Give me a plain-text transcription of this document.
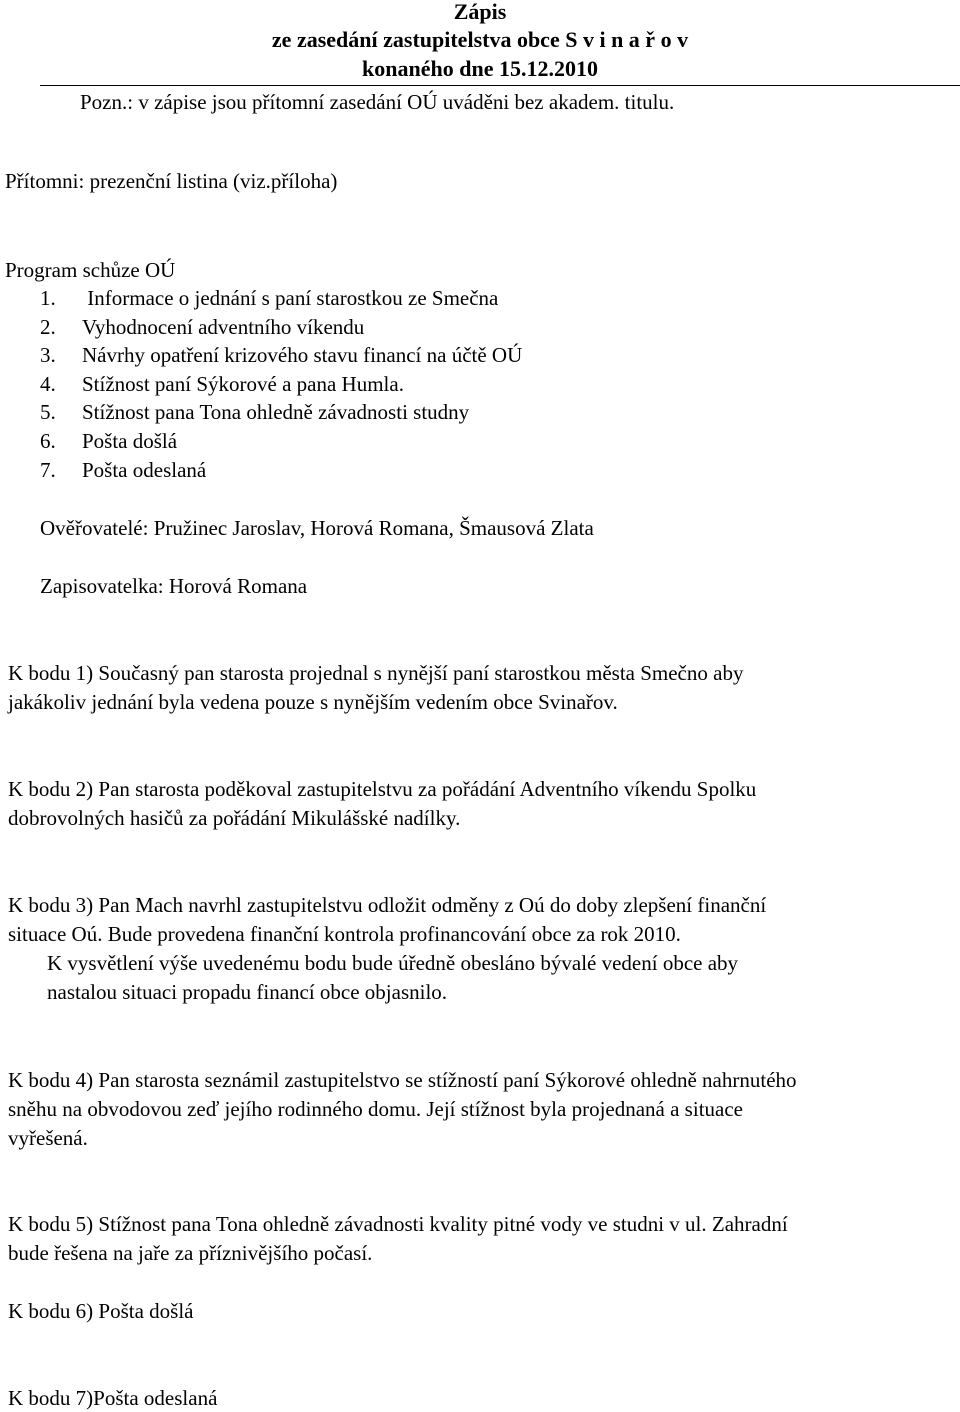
Zápis
ze zasedání zastupitelstva obce S v i n a ř o v
konaného dne 15.12.2010
Pozn.: v zápise jsou přítomní zasedání OÚ uváděni bez akadem. titulu.
Přítomni: prezenční listina (viz.příloha)
Program schůze OÚ
1. Informace o jednání s paní starostkou ze Smečna
2. Vyhodnocení adventního víkendu
3. Návrhy opatření krizového stavu financí na účtě OÚ
4. Stížnost paní Sýkorové a pana Humla.
5. Stížnost pana Tona ohledně závadnosti studny
6. Pošta došlá
7. Pošta odeslaná
Ověřovatelé: Pružinec Jaroslav, Horová Romana, Šmausová Zlata
Zapisovatelka: Horová Romana

K bodu 1) Současný pan starosta projednal s nynější paní starostkou města Smečno aby

jakákoliv jednání byla vedena pouze s nynějším vedením obce Svinařov.

K bodu 2) Pan starosta poděkoval zastupitelstvu za pořádání Adventního víkendu Spolku

dobrovolných hasičů za pořádání Mikulášské nadílky.

K bodu 3) Pan Mach navrhl zastupitelstvu odložit odměny z Oú do doby zlepšení finanční

situace Oú. Bude provedena finanční kontrola profinancování obce za rok 2010.

K vysvětlení výše uvedenému bodu bude úředně obesláno bývalé vedení obce aby

nastalou situaci propadu financí obce objasnilo.

K bodu 4) Pan starosta seznámil zastupitelstvo se stížností paní Sýkorové ohledně nahrnutého

sněhu na obvodovou zeď jejího rodinného domu. Její stížnost byla projednaná a situace

vyřešená.

K bodu 5) Stížnost pana Tona ohledně závadnosti kvality pitné vody ve studni v ul. Zahradní

bude řešena na jaře za příznivějšího počasí.

K bodu 6) Pošta došlá
K bodu 7)Pošta odeslaná
